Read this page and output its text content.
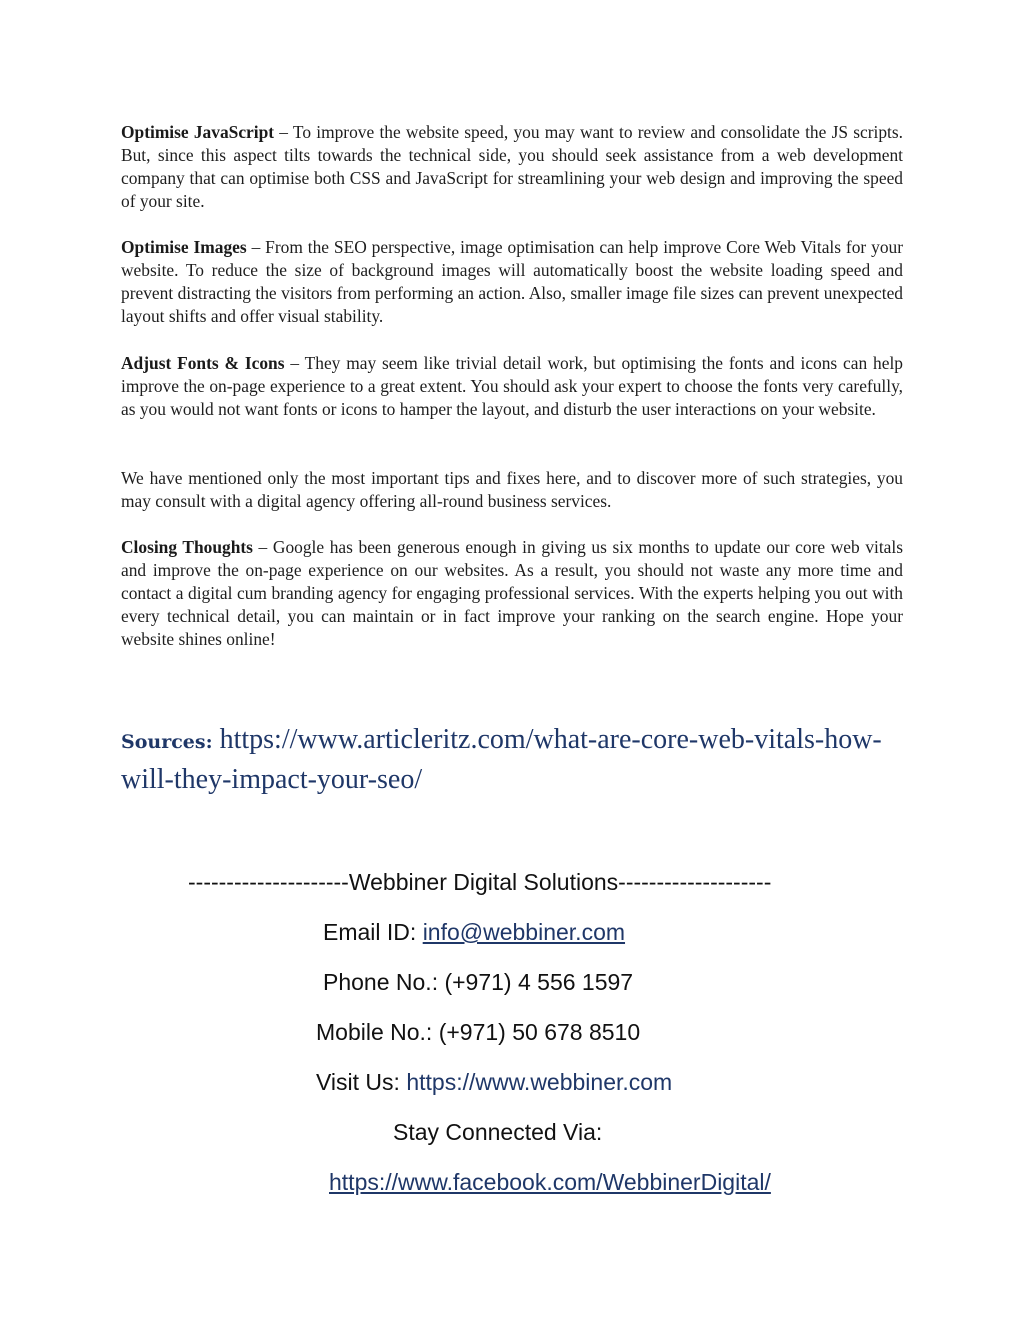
Optimise JavaScript – To improve the website speed, you may want to review and consolidate the JS scripts. But, since this aspect tilts towards the technical side, you should seek assistance from a web development company that can optimise both CSS and JavaScript for streamlining your web design and improving the speed of your site.

Optimise Images – From the SEO perspective, image optimisation can help improve Core Web Vitals for your website. To reduce the size of background images will automatically boost the website loading speed and prevent distracting the visitors from performing an action. Also, smaller image file sizes can prevent unexpected layout shifts and offer visual stability.

Adjust Fonts & Icons – They may seem like trivial detail work, but optimising the fonts and icons can help improve the on-page experience to a great extent. You should ask your expert to choose the fonts very carefully, as you would not want fonts or icons to hamper the layout, and disturb the user interactions on your website.

We have mentioned only the most important tips and fixes here, and to discover more of such strategies, you may consult with a digital agency offering all-round business services.

Closing Thoughts – Google has been generous enough in giving us six months to update our core web vitals and improve the on-page experience on our websites. As a result, you should not waste any more time and contact a digital cum branding agency for engaging professional services. With the experts helping you out with every technical detail, you can maintain or in fact improve your ranking on the search engine. Hope your website shines online!

Sources: https://www.articleritz.com/what-are-core-web-vitals-how-will-they-impact-your-seo/

---------------------Webbiner Digital Solutions--------------------
Email ID: info@webbiner.com
Phone No.: (+971) 4 556 1597
Mobile No.: (+971) 50 678 8510
Visit Us: https://www.webbiner.com
Stay Connected Via:
https://www.facebook.com/WebbinerDigital/
